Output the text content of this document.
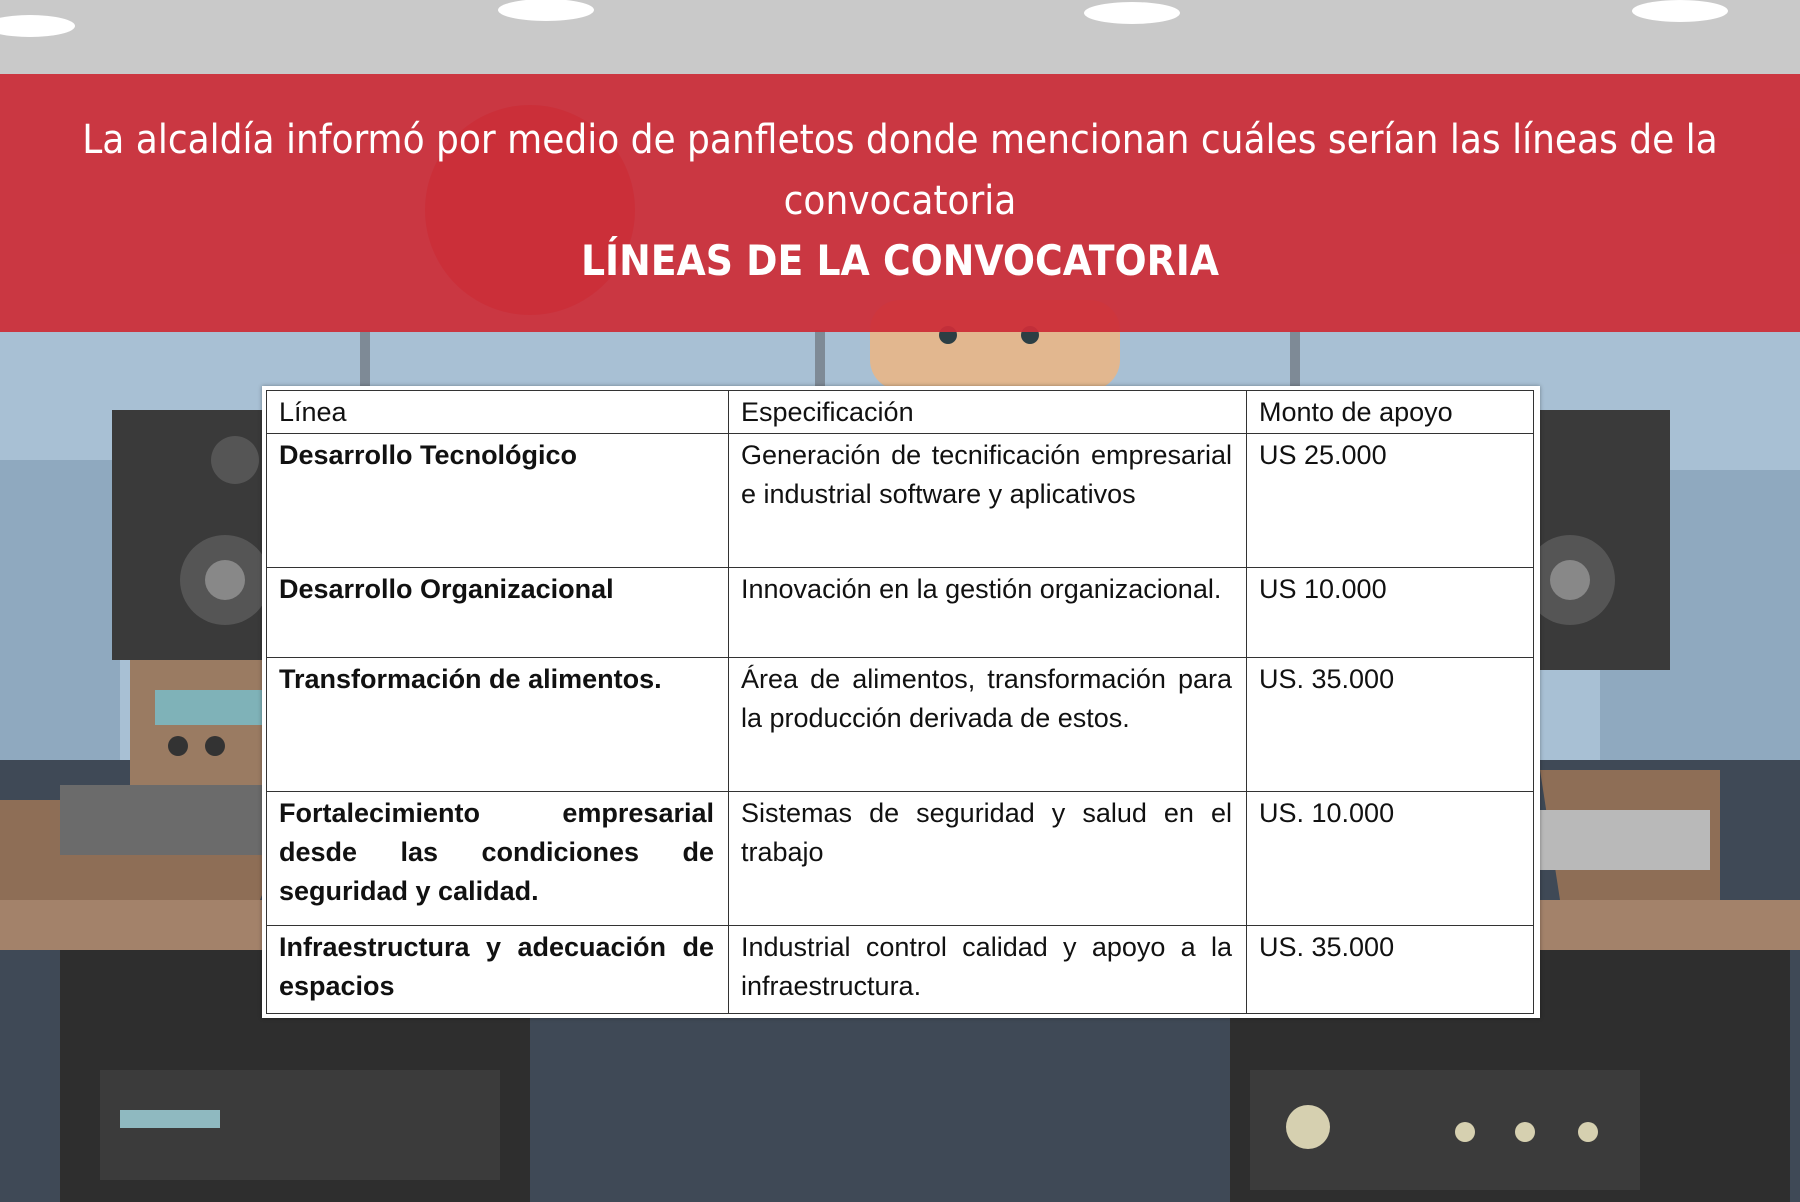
La alcaldía informó por medio de panfletos donde mencionan cuáles serían las líneas de la convocatoria
LÍNEAS DE LA CONVOCATORIA
Línea	Especificación	Monto de apoyo
Desarrollo Tecnológico	Generación de tecnificación empresarial e industrial software y aplicativos	US 25.000
Desarrollo Organizacional	Innovación en la gestión organizacional.	US 10.000
Transformación de alimentos.	Área de alimentos, transformación para la producción derivada de estos.	US. 35.000
Fortalecimiento empresarial desde las condiciones de seguridad y calidad.	Sistemas de seguridad y salud en el trabajo	US. 10.000
Infraestructura y adecuación de espacios	Industrial control calidad y apoyo a la infraestructura.	US. 35.000
